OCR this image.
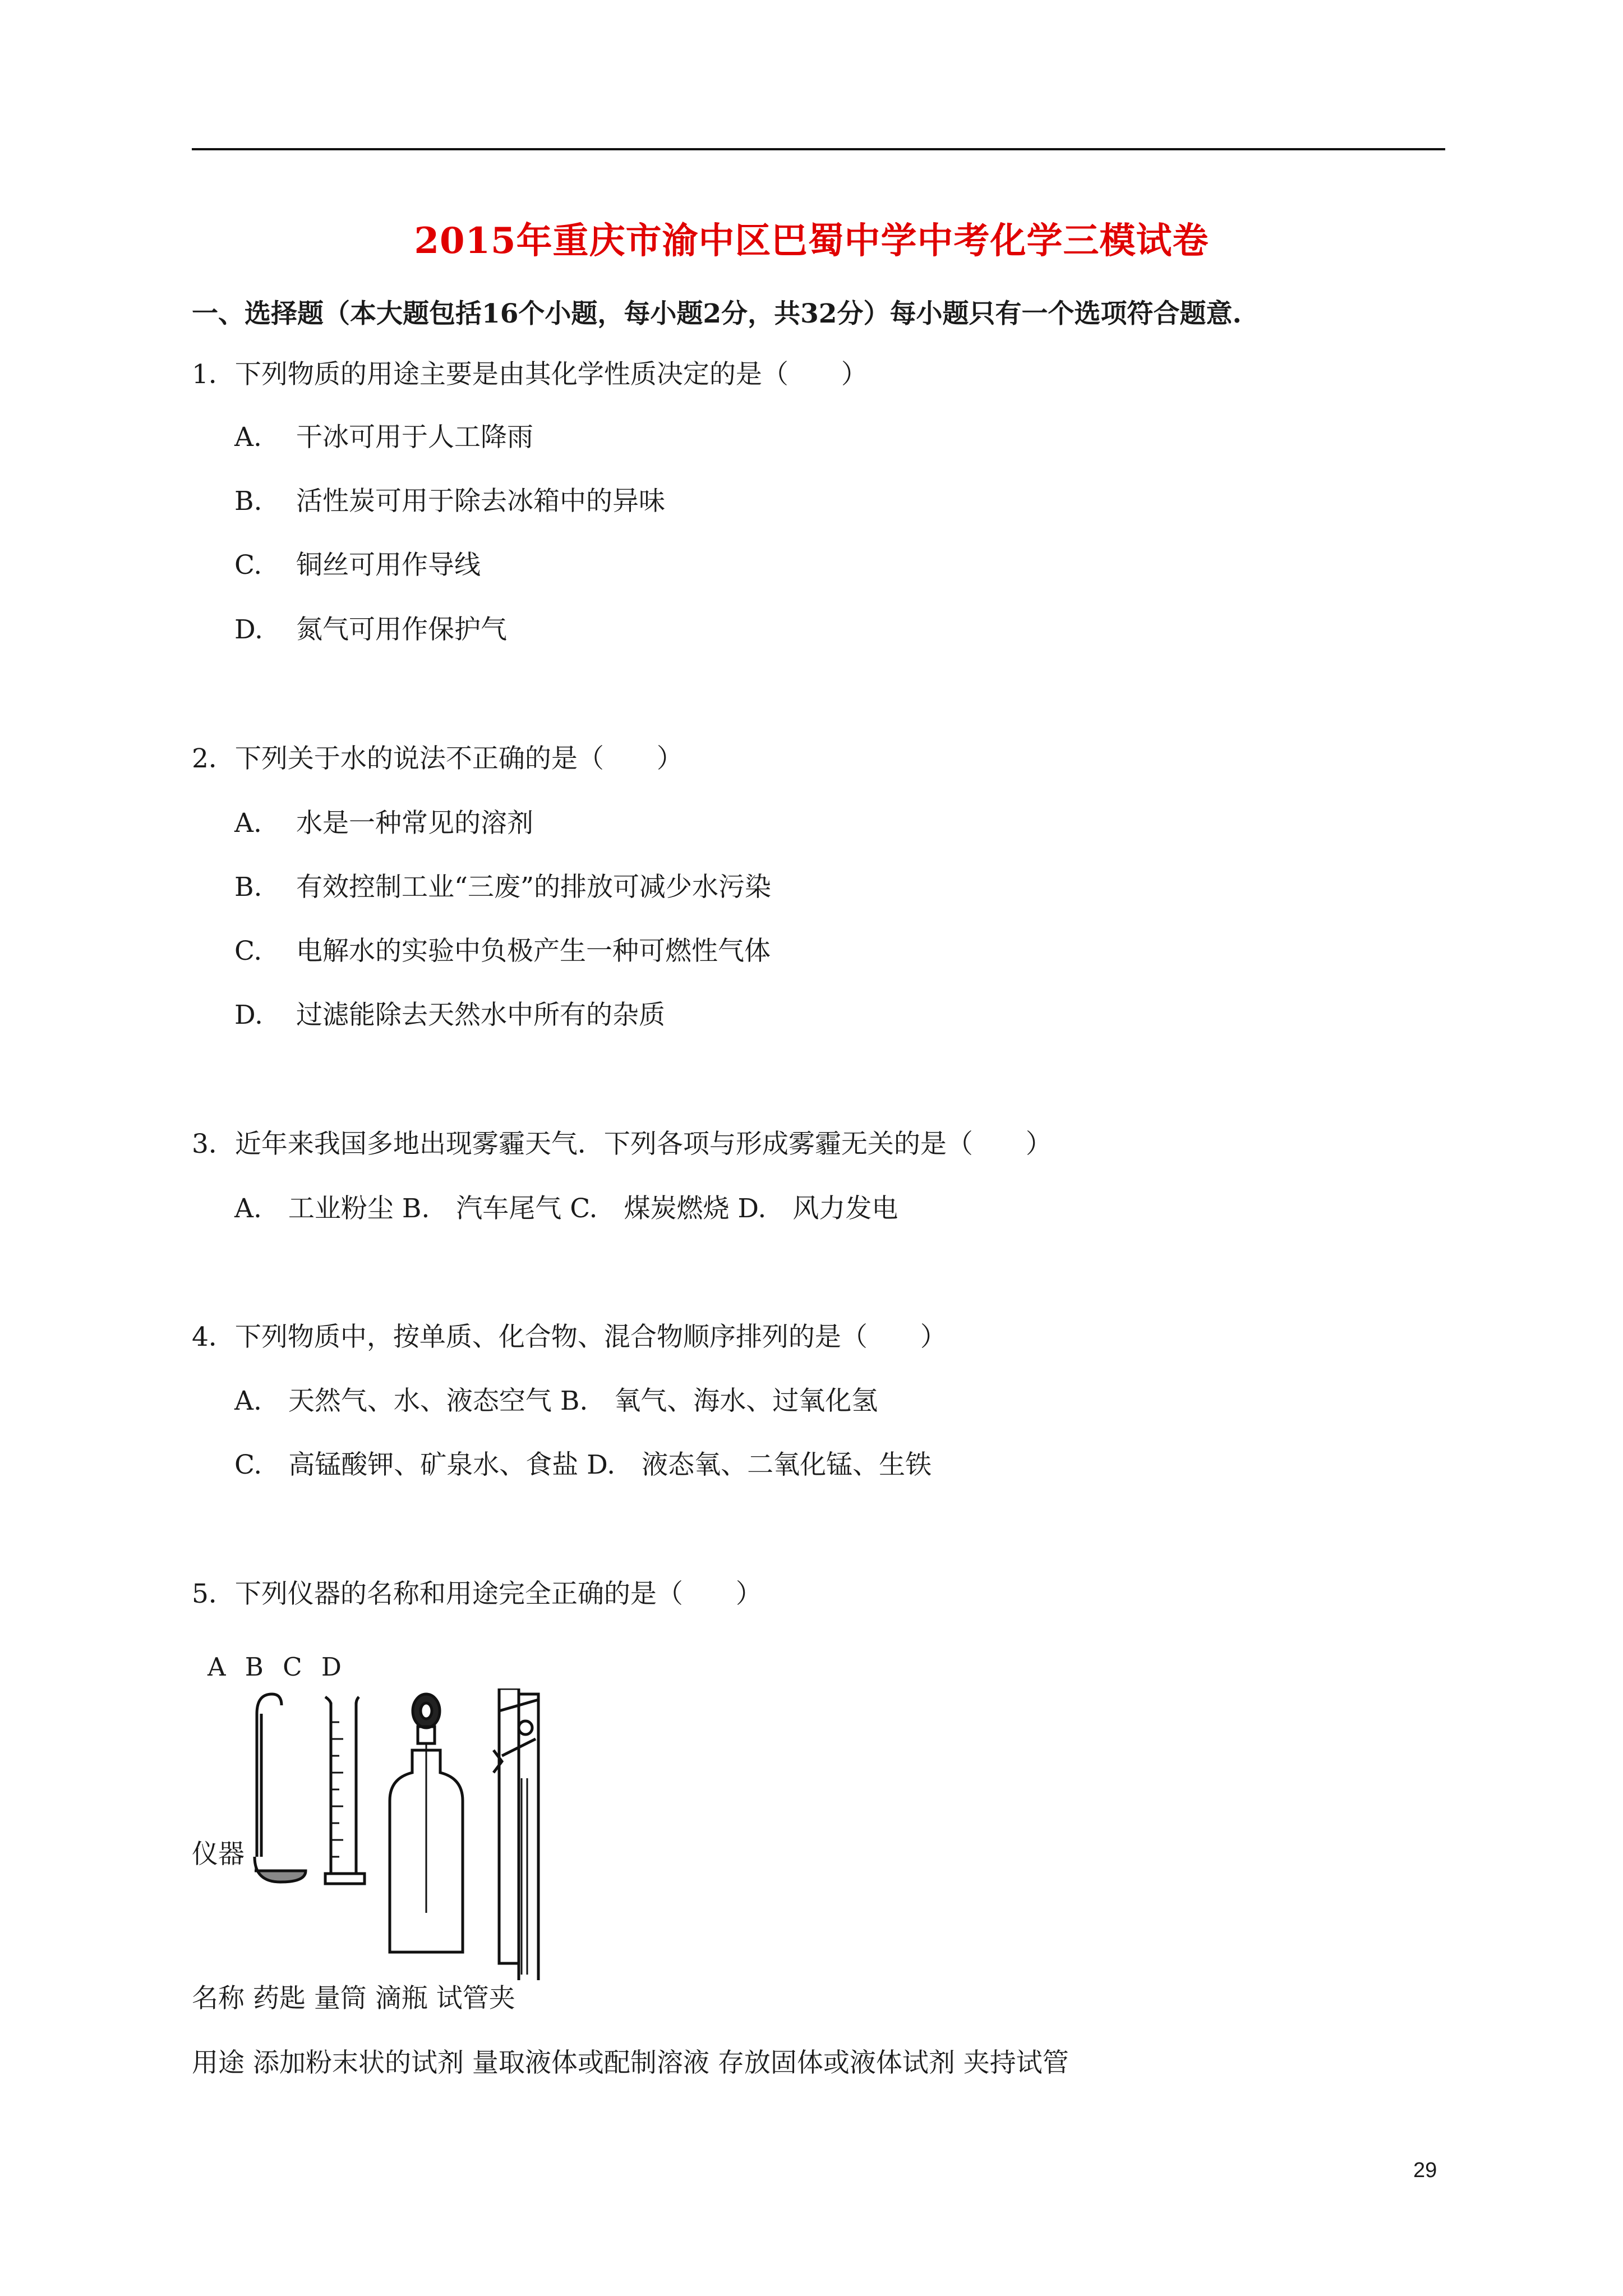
2015年重庆市渝中区巴蜀中学中考化学三模试卷
一、选择题（本大题包括16个小题，每小题2分，共32分）每小题只有一个选项符合题意.
1．下列物质的用途主要是由其化学性质决定的是（　　）
A. 干冰可用于人工降雨
B. 活性炭可用于除去冰箱中的异味
C. 铜丝可用作导线
D. 氮气可用作保护气
2．下列关于水的说法不正确的是（　　）
A. 水是一种常见的溶剂
B. 有效控制工业“三废”的排放可减少水污染
C. 电解水的实验中负极产生一种可燃性气体
D. 过滤能除去天然水中所有的杂质
3．近年来我国多地出现雾霾天气．下列各项与形成雾霾无关的是（　　）
A.　工业粉尘 B.　汽车尾气 C.　煤炭燃烧 D.　风力发电
4．下列物质中，按单质、化合物、混合物顺序排列的是（　　）
A.　天然气、水、液态空气 B.　氧气、海水、过氧化氢
C.　高锰酸钾、矿泉水、食盐 D.　液态氧、二氧化锰、生铁
5．下列仪器的名称和用途完全正确的是（　　）
A B C D
仪器
名称 药匙 量筒 滴瓶 试管夹
用途 添加粉末状的试剂 量取液体或配制溶液 存放固体或液体试剂 夹持试管
29
